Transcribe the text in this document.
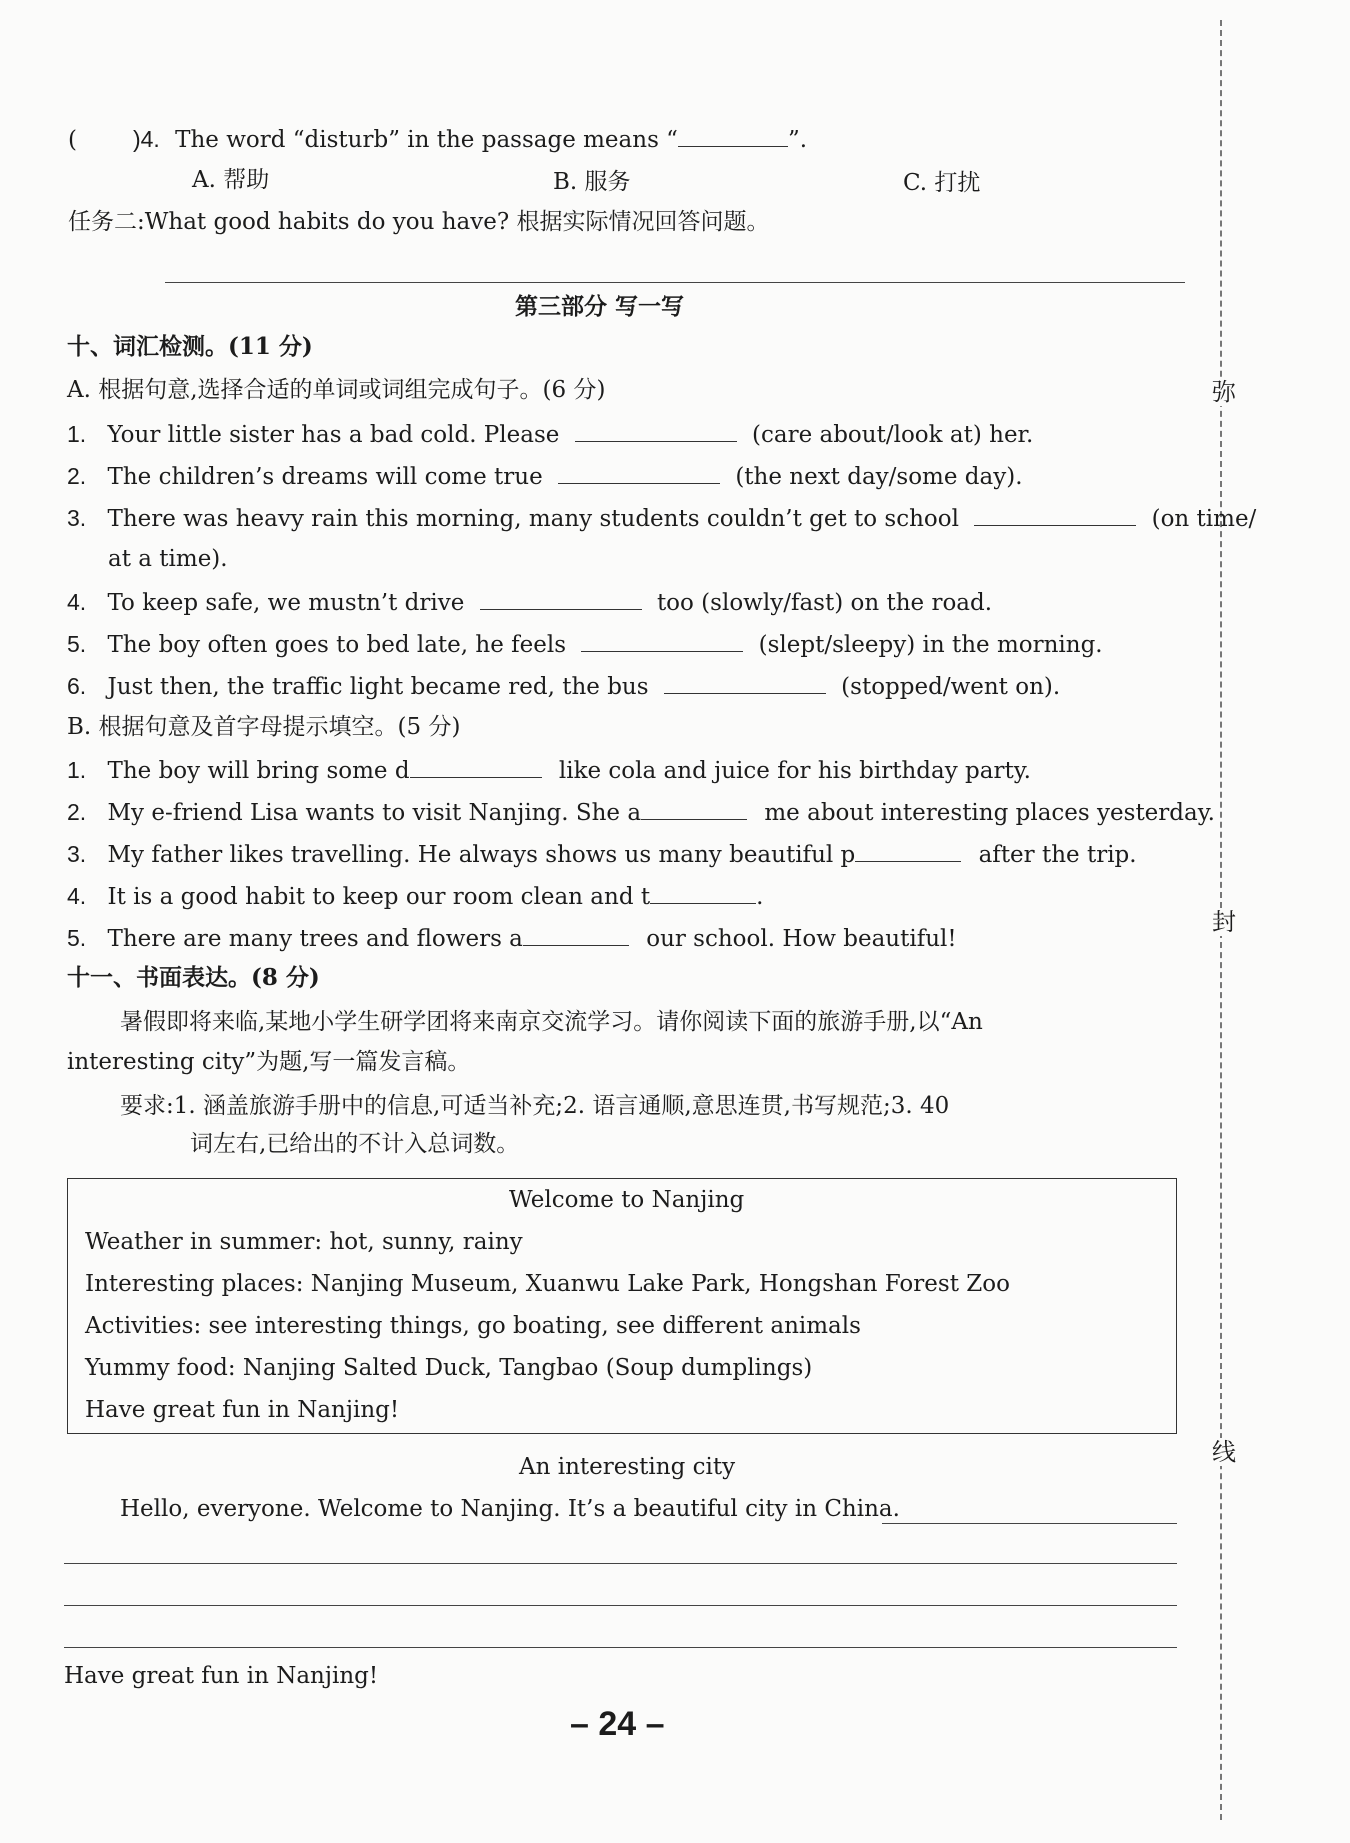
弥
封
线
( )4. The word “disturb” in the passage means “	”.
A. 帮助	B. 服务	C. 打扰
任务二:What good habits do you have? 根据实际情况回答问题。
第三部分 写一写
十、词汇检测。(11 分)
A. 根据句意,选择合适的单词或词组完成句子。(6 分)
1. Your little sister has a bad cold. Please	(care about/look at) her.
2. The children’s dreams will come true	(the next day/some day).
3. There was heavy rain this morning, many students couldn’t get to school	(on time/
at a time).
4. To keep safe, we mustn’t drive	too (slowly/fast) on the road.
5. The boy often goes to bed late, he feels	(slept/sleepy) in the morning.
6. Just then, the traffic light became red, the bus	(stopped/went on).
B. 根据句意及首字母提示填空。(5 分)
1. The boy will bring some d	like cola and juice for his birthday party.
2. My e-friend Lisa wants to visit Nanjing. She a	me about interesting places yesterday.
3. My father likes travelling. He always shows us many beautiful p	after the trip.
4. It is a good habit to keep our room clean and t	.
5. There are many trees and flowers a	our school. How beautiful!
十一、书面表达。(8 分)
暑假即将来临,某地小学生研学团将来南京交流学习。请你阅读下面的旅游手册,以“An
interesting city”为题,写一篇发言稿。
要求:1. 涵盖旅游手册中的信息,可适当补充;2. 语言通顺,意思连贯,书写规范;3. 40
词左右,已给出的不计入总词数。
Welcome to Nanjing
Weather in summer: hot, sunny, rainy
Interesting places: Nanjing Museum, Xuanwu Lake Park, Hongshan Forest Zoo
Activities: see interesting things, go boating, see different animals
Yummy food: Nanjing Salted Duck, Tangbao (Soup dumplings)
Have great fun in Nanjing!
An interesting city
Hello, everyone. Welcome to Nanjing. It’s a beautiful city in China.
Have great fun in Nanjing!
– 24 –
